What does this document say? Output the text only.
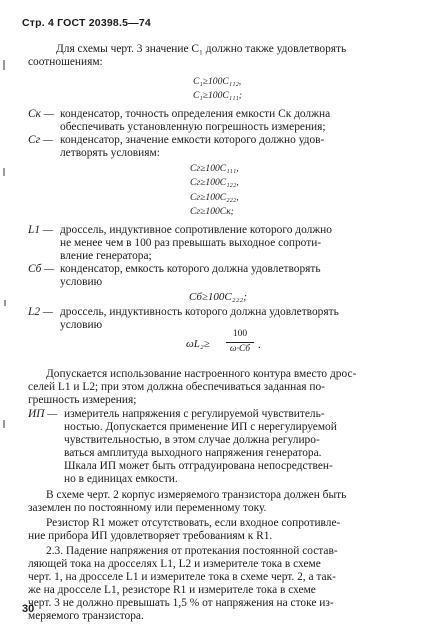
Стр. 4 ГОСТ 20398.5—74
Для схемы черт. 3 значение C₁ должно также удовлетворять
соотношениям:
C₁≥100C₁₁₂,
C₁≥100C₁₁₁;
Cк — конденсатор, точность определения емкости Cк должна
обеспечивать установленную погрешность измерения;
Cг — конденсатор, значение емкости которого должно удов-
летворять условиям:
Cг≥100C₁₁₁,
Cг≥100C₁₂₂,
Cг≥100C₂₂₂,
Cг≥100Cк;
L1 — дроссель, индуктивное сопротивление которого должно
не менее чем в 100 раз превышать выходное сопроти-
вление генератора;
Cб — конденсатор, емкость которого должна удовлетворять
условию
Cб≥100C₂₂₂;
L2 — дроссель, индуктивность которого должна удовлетворять
условию
ωL₂≥
100
ω·Cб .
Допускается использование настроенного контура вместо дрос-
селей L1 и L2; при этом должна обеспечиваться заданная по-
грешность измерения;
ИП — измеритель напряжения с регулируемой чувствитель-
ностью. Допускается применение ИП с нерегулируемой
чувствительностью, в этом случае должна регулиро-
ваться амплитуда выходного напряжения генератора.
Шкала ИП может быть отградуирована непосредствен-
но в единицах емкости.
В схеме черт. 2 корпус измеряемого транзистора должен быть
заземлен по постоянному или переменному току.
Резистор R1 может отсутствовать, если входное сопротивле-
ние прибора ИП удовлетворяет требованиям к R1.
2.3. Падение напряжения от протекания постоянной состав-
ляющей тока на дросселях L1, L2 и измерителе тока в схеме
черт. 1, на дросселе L1 и измерителе тока в схеме черт. 2, а так-
же на дросселе L1, резисторе R1 и измерителе тока в схеме
черт. 3 не должно превышать 1,5 % от напряжения на стоке из-
меряемого транзистора.
30
